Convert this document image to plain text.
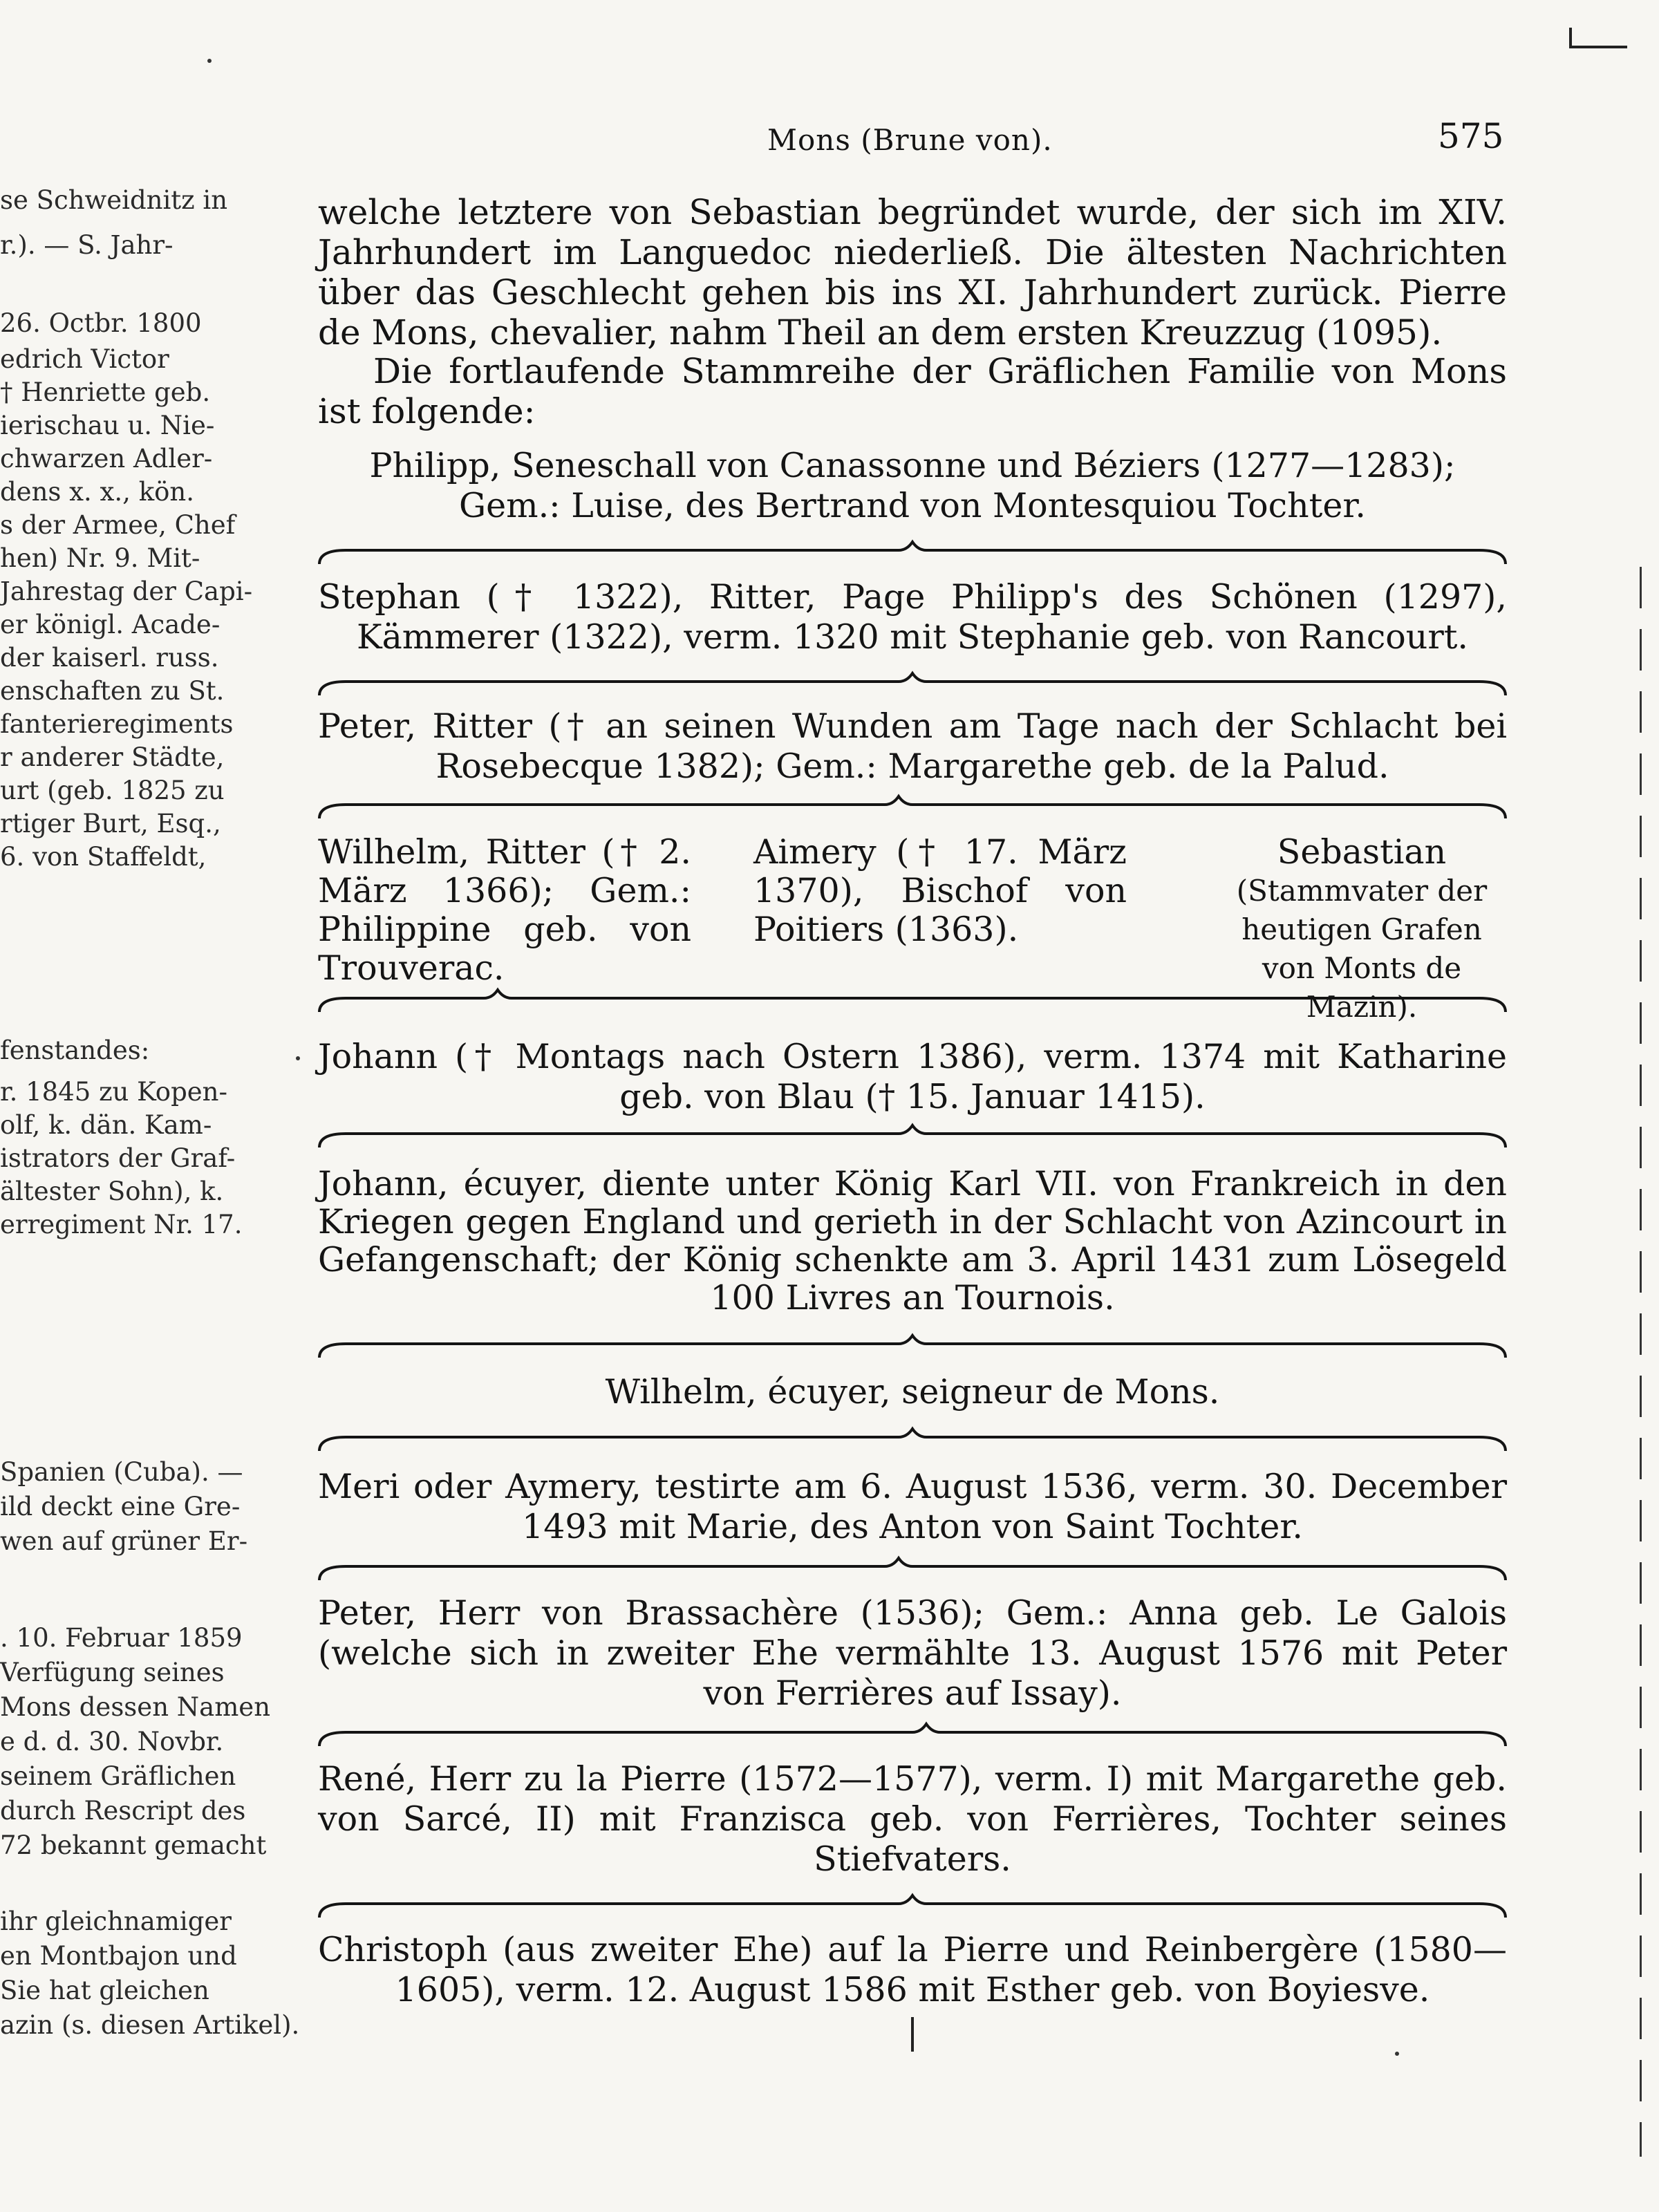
se Schweidnitz in
r.). — S. Jahr-
26. Octbr. 1800
edrich Victor
† Henriette geb.
ierischau u. Nie-
chwarzen Adler-
dens x. x., kön.
s der Armee, Chef
hen) Nr. 9. Mit-
Jahrestag der Capi-
er königl. Acade-
der kaiserl. russ.
enschaften zu St.
fanterieregiments
r anderer Städte,
urt (geb. 1825 zu
rtiger Burt, Esq.,
6. von Staffeldt,
fenstandes:
r. 1845 zu Kopen-
olf, k. dän. Kam-
istrators der Graf-
ältester Sohn), k.
erregiment Nr. 17.
Spanien (Cuba). —
ild deckt eine Gre-
wen auf grüner Er-
. 10. Februar 1859
Verfügung seines
Mons dessen Namen
e d. d. 30. Novbr.
seinem Gräflichen
durch Rescript des
72 bekannt gemacht
ihr gleichnamiger
en Montbajon und
Sie hat gleichen
azin (s. diesen Artikel).
Mons (Brune von).	575
welche letztere von Sebastian begründet wurde, der sich im XIV. Jahrhundert im Languedoc niederließ. Die ältesten Nachrichten über das Geschlecht gehen bis ins XI. Jahrhundert zurück. Pierre de Mons, chevalier, nahm Theil an dem ersten Kreuzzug (1095).
Die fortlaufende Stammreihe der Gräflichen Familie von Mons ist folgende:
Philipp, Seneschall von Canassonne und Béziers (1277—1283); Gem.: Luise, des Bertrand von Montesquiou Tochter.
Stephan († 1322), Ritter, Page Philipp's des Schönen (1297), Kämmerer (1322), verm. 1320 mit Stephanie geb. von Rancourt.
Peter, Ritter († an seinen Wunden am Tage nach der Schlacht bei Rosebecque 1382); Gem.: Margarethe geb. de la Palud.
Wilhelm, Ritter († 2. März 1366); Gem.: Philippine geb. von Trouverac.
Aimery († 17. März 1370), Bischof von Poitiers (1363).
Sebastian
(Stammvater der heutigen Grafen von Monts de Mazin).
Johann († Montags nach Ostern 1386), verm. 1374 mit Katharine geb. von Blau († 15. Januar 1415).
Johann, écuyer, diente unter König Karl VII. von Frankreich in den Kriegen gegen England und gerieth in der Schlacht von Azincourt in Gefangenschaft; der König schenkte am 3. April 1431 zum Lösegeld 100 Livres an Tournois.
Wilhelm, écuyer, seigneur de Mons.
Meri oder Aymery, testirte am 6. August 1536, verm. 30. December 1493 mit Marie, des Anton von Saint Tochter.
Peter, Herr von Brassachère (1536); Gem.: Anna geb. Le Galois (welche sich in zweiter Ehe vermählte 13. August 1576 mit Peter von Ferrières auf Issay).
René, Herr zu la Pierre (1572—1577), verm. I) mit Margarethe geb. von Sarcé, II) mit Franzisca geb. von Ferrières, Tochter seines Stiefvaters.
Christoph (aus zweiter Ehe) auf la Pierre und Reinbergère (1580—1605), verm. 12. August 1586 mit Esther geb. von Boyiesve.
